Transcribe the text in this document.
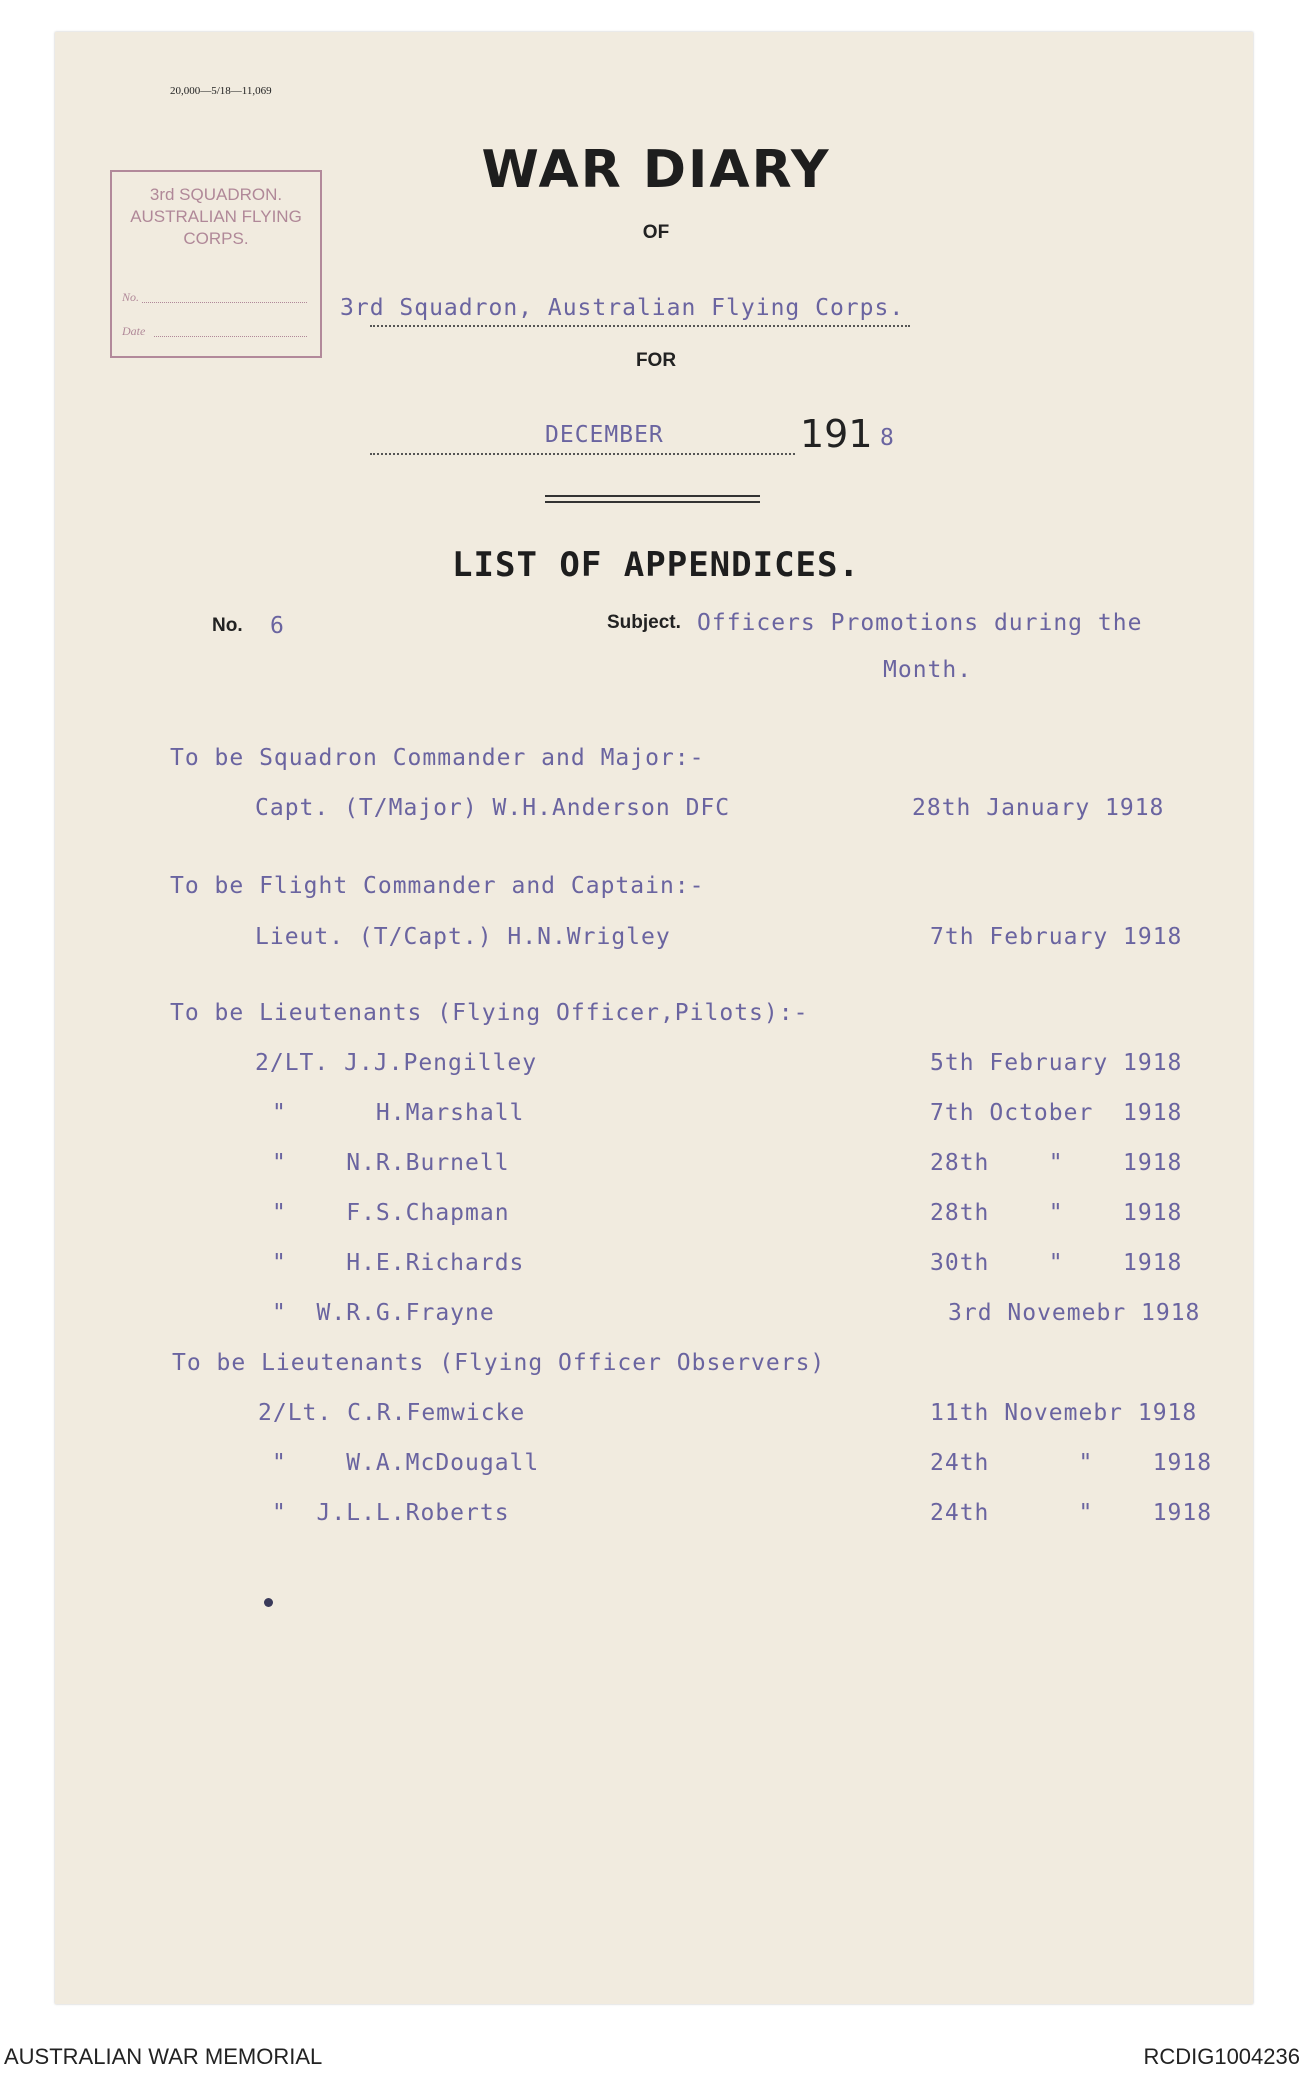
20,000—5/18—11,069
3rd SQUADRON.
AUSTRALIAN FLYING
CORPS.
No.
Date
WAR DIARY
OF
3rd Squadron, Australian Flying Corps.
FOR
DECEMBER	191 8
LIST OF APPENDICES.
No. 6	Subject. Officers Promotions during the
Month.
To be Squadron Commander and Major:-
Capt. (T/Major) W.H.Anderson DFC	28th January 1918
To be Flight Commander and Captain:-
Lieut. (T/Capt.) H.N.Wrigley	7th February 1918
To be Lieutenants (Flying Officer,Pilots):-
2/LT. J.J.Pengilley	5th February 1918
"      H.Marshall	7th October  1918
"    N.R.Burnell	28th    "    1918
"    F.S.Chapman	28th    "    1918
"    H.E.Richards	30th    "    1918
"  W.R.G.Frayne	3rd Novemebr 1918
To be Lieutenants (Flying Officer Observers)
2/Lt. C.R.Femwicke	11th Novemebr 1918
"    W.A.McDougall	24th      "    1918
"  J.L.L.Roberts	24th      "    1918
AUSTRALIAN WAR MEMORIAL	RCDIG1004236
